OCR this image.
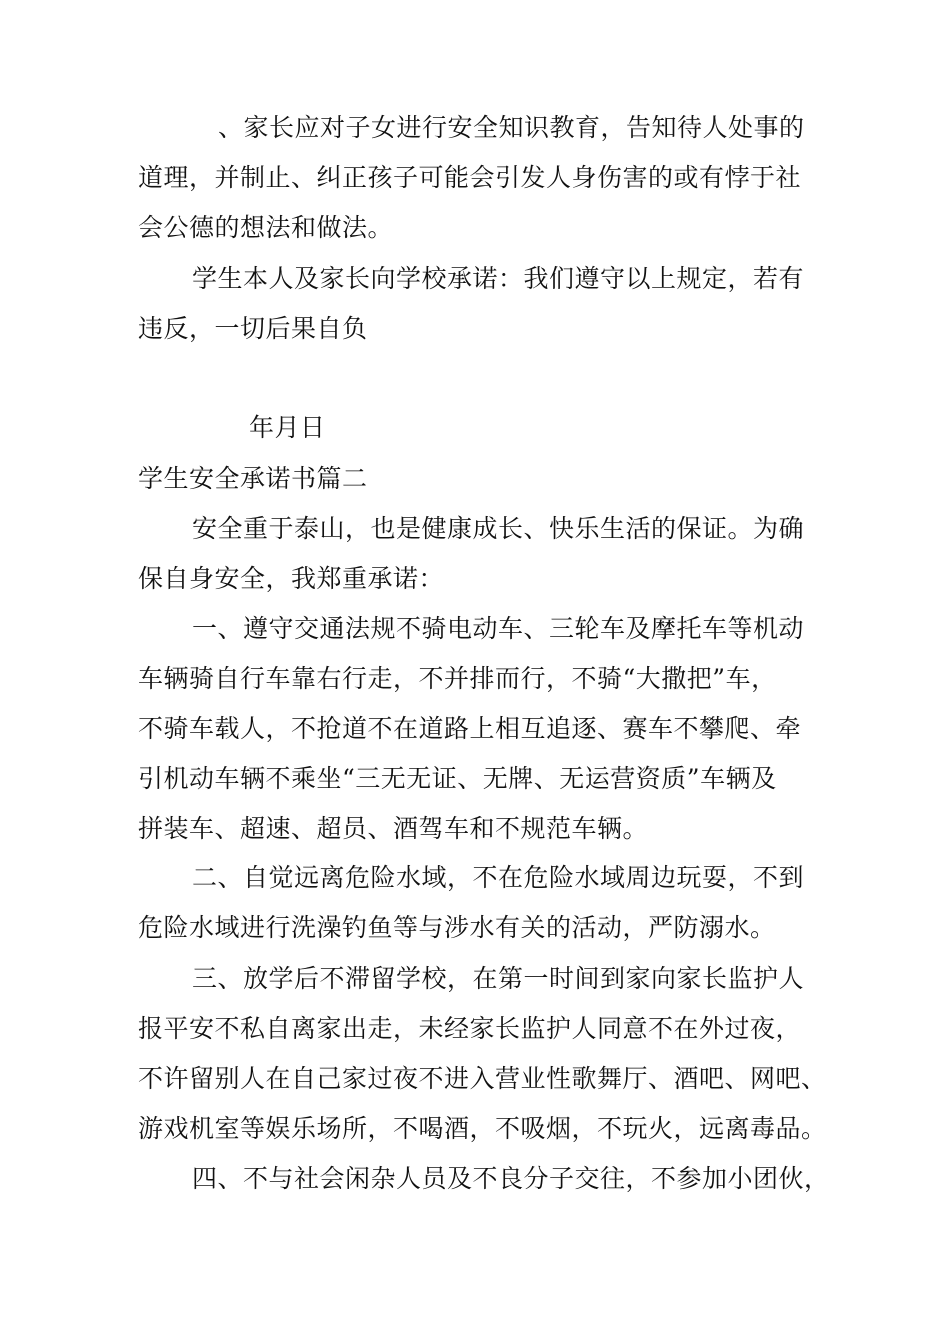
、家长应对子女进行安全知识教育，告知待人处事的
道理，并制止、纠正孩子可能会引发人身伤害的或有悖于社
会公德的想法和做法。
学生本人及家长向学校承诺：我们遵守以上规定，若有
违反，一切后果自负
年月日
学生安全承诺书篇二
安全重于泰山，也是健康成长、快乐生活的保证。为确
保自身安全，我郑重承诺：
一、遵守交通法规不骑电动车、三轮车及摩托车等机动
车辆骑自行车靠右行走，不并排而行，不骑“大撒把”车，
不骑车载人，不抢道不在道路上相互追逐、赛车不攀爬、牵
引机动车辆不乘坐“三无无证、无牌、无运营资质”车辆及
拼装车、超速、超员、酒驾车和不规范车辆。
二、自觉远离危险水域，不在危险水域周边玩耍，不到
危险水域进行洗澡钓鱼等与涉水有关的活动，严防溺水。
三、放学后不滞留学校，在第一时间到家向家长监护人
报平安不私自离家出走，未经家长监护人同意不在外过夜，
不许留别人在自己家过夜不进入营业性歌舞厅、酒吧、网吧、
游戏机室等娱乐场所，不喝酒，不吸烟，不玩火，远离毒品。
四、不与社会闲杂人员及不良分子交往，不参加小团伙，
